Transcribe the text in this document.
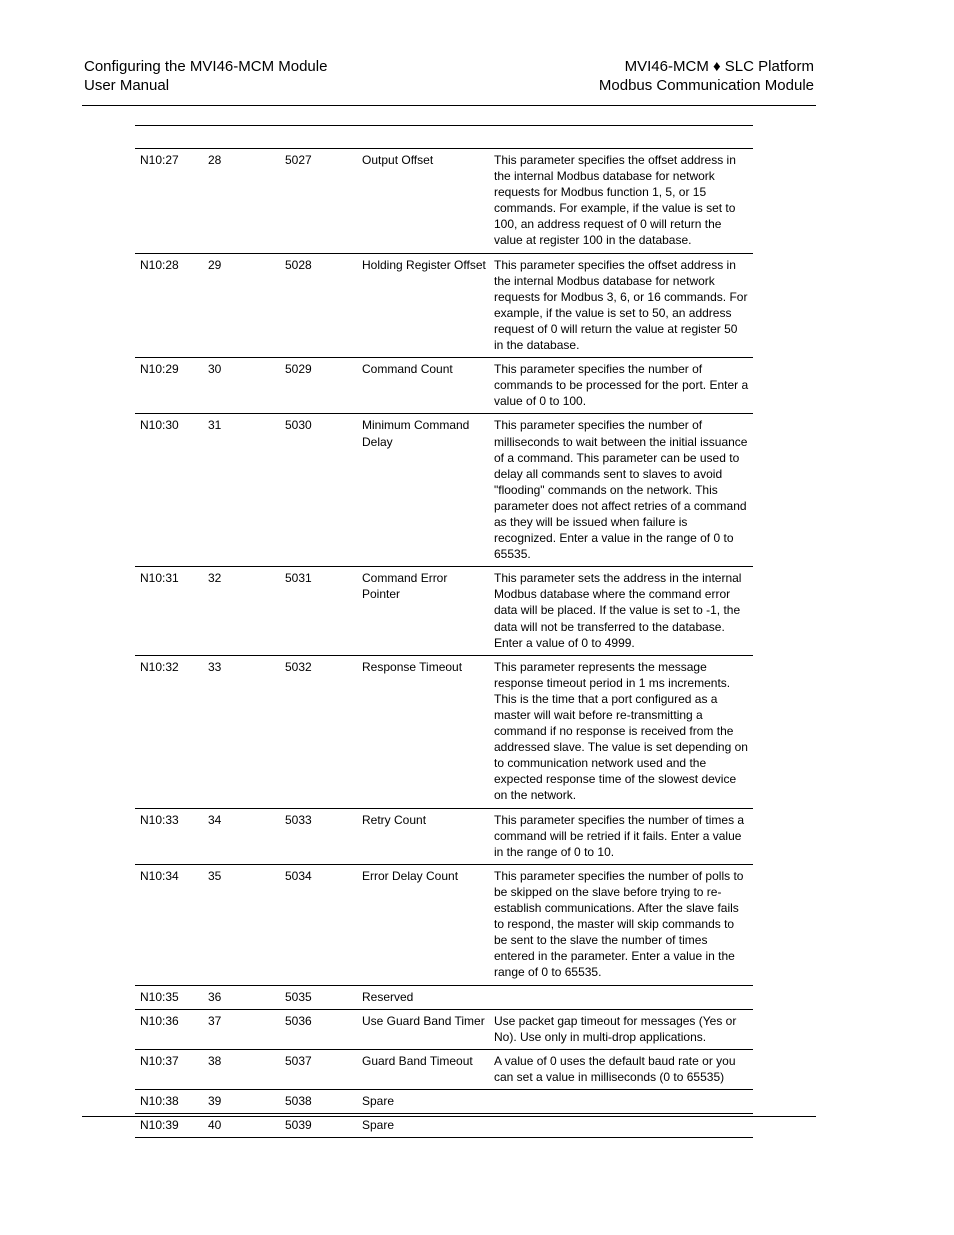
Configuring the MVI46-MCM Module
User Manual
MVI46-MCM ♦ SLC Platform
Modbus Communication Module
N10:27	28	5027	Output Offset	This parameter specifies the offset address in the internal Modbus database for network requests for Modbus function 1, 5, or 15 commands. For example, if the value is set to 100, an address request of 0 will return the value at register 100 in the database.
N10:28	29	5028	Holding Register Offset	This parameter specifies the offset address in the internal Modbus database for network requests for Modbus 3, 6, or 16 commands. For example, if the value is set to 50, an address request of 0 will return the value at register 50 in the database.
N10:29	30	5029	Command Count	This parameter specifies the number of commands to be processed for the port. Enter a value of 0 to 100.
N10:30	31	5030	Minimum Command Delay	This parameter specifies the number of milliseconds to wait between the initial issuance of a command. This parameter can be used to delay all commands sent to slaves to avoid "flooding" commands on the network. This parameter does not affect retries of a command as they will be issued when failure is recognized. Enter a value in the range of 0 to 65535.
N10:31	32	5031	Command Error Pointer	This parameter sets the address in the internal Modbus database where the command error data will be placed. If the value is set to -1, the data will not be transferred to the database. Enter a value of 0 to 4999.
N10:32	33	5032	Response Timeout	This parameter represents the message response timeout period in 1 ms increments. This is the time that a port configured as a master will wait before re-transmitting a command if no response is received from the addressed slave. The value is set depending on to communication network used and the expected response time of the slowest device on the network.
N10:33	34	5033	Retry Count	This parameter specifies the number of times a command will be retried if it fails. Enter a value in the range of 0 to 10.
N10:34	35	5034	Error Delay Count	This parameter specifies the number of polls to be skipped on the slave before trying to re-establish communications. After the slave fails to respond, the master will skip commands to be sent to the slave the number of times entered in the parameter. Enter a value in the range of 0 to 65535.
N10:35	36	5035	Reserved	
N10:36	37	5036	Use Guard Band Timer	Use packet gap timeout for messages (Yes or No). Use only in multi-drop applications.
N10:37	38	5037	Guard Band Timeout	A value of 0 uses the default baud rate or you can set a value in milliseconds (0 to 65535)
N10:38	39	5038	Spare	
N10:39	40	5039	Spare	
